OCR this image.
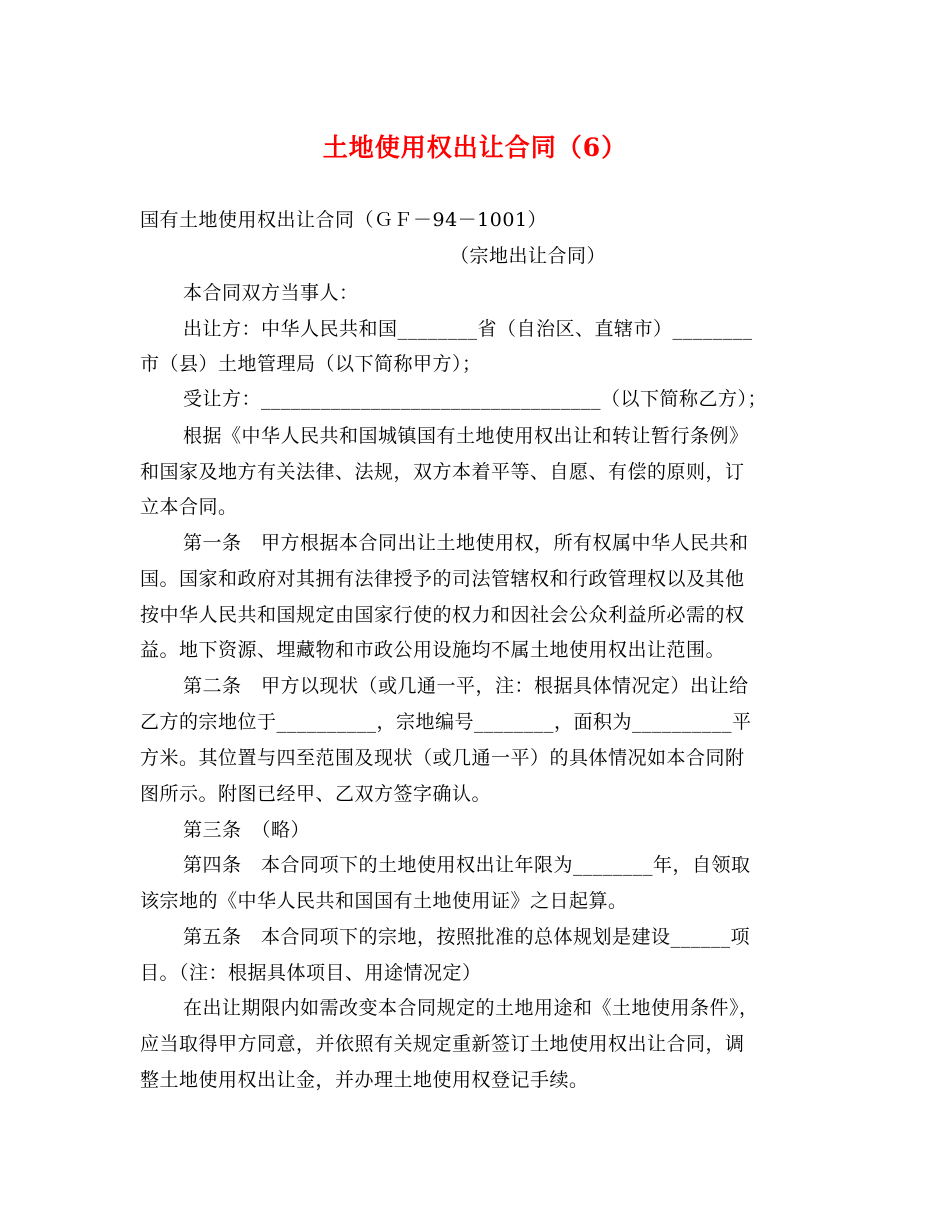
土地使用权出让合同（6）
国有土地使用权出让合同（ＧＦ－94－1001）
（宗地出让合同）
本合同双方当事人：
出让方：中华人民共和国________省（自治区、直辖市）________
市（县）土地管理局（以下简称甲方）；
受让方：__________________________________（以下简称乙方）；
根据《中华人民共和国城镇国有土地使用权出让和转让暂行条例》
和国家及地方有关法律、法规，双方本着平等、自愿、有偿的原则，订
立本合同。
第一条　甲方根据本合同出让土地使用权，所有权属中华人民共和
国。国家和政府对其拥有法律授予的司法管辖权和行政管理权以及其他
按中华人民共和国规定由国家行使的权力和因社会公众利益所必需的权
益。地下资源、埋藏物和市政公用设施均不属土地使用权出让范围。
第二条　甲方以现状（或几通一平，注：根据具体情况定）出让给
乙方的宗地位于__________，宗地编号________，面积为__________平
方米。其位置与四至范围及现状（或几通一平）的具体情况如本合同附
图所示。附图已经甲、乙双方签字确认。
第三条　（略）
第四条　本合同项下的土地使用权出让年限为________年，自领取
该宗地的《中华人民共和国国有土地使用证》之日起算。
第五条　本合同项下的宗地，按照批准的总体规划是建设______项
目。（注：根据具体项目、用途情况定）
在出让期限内如需改变本合同规定的土地用途和《土地使用条件》，
应当取得甲方同意，并依照有关规定重新签订土地使用权出让合同，调
整土地使用权出让金，并办理土地使用权登记手续。
